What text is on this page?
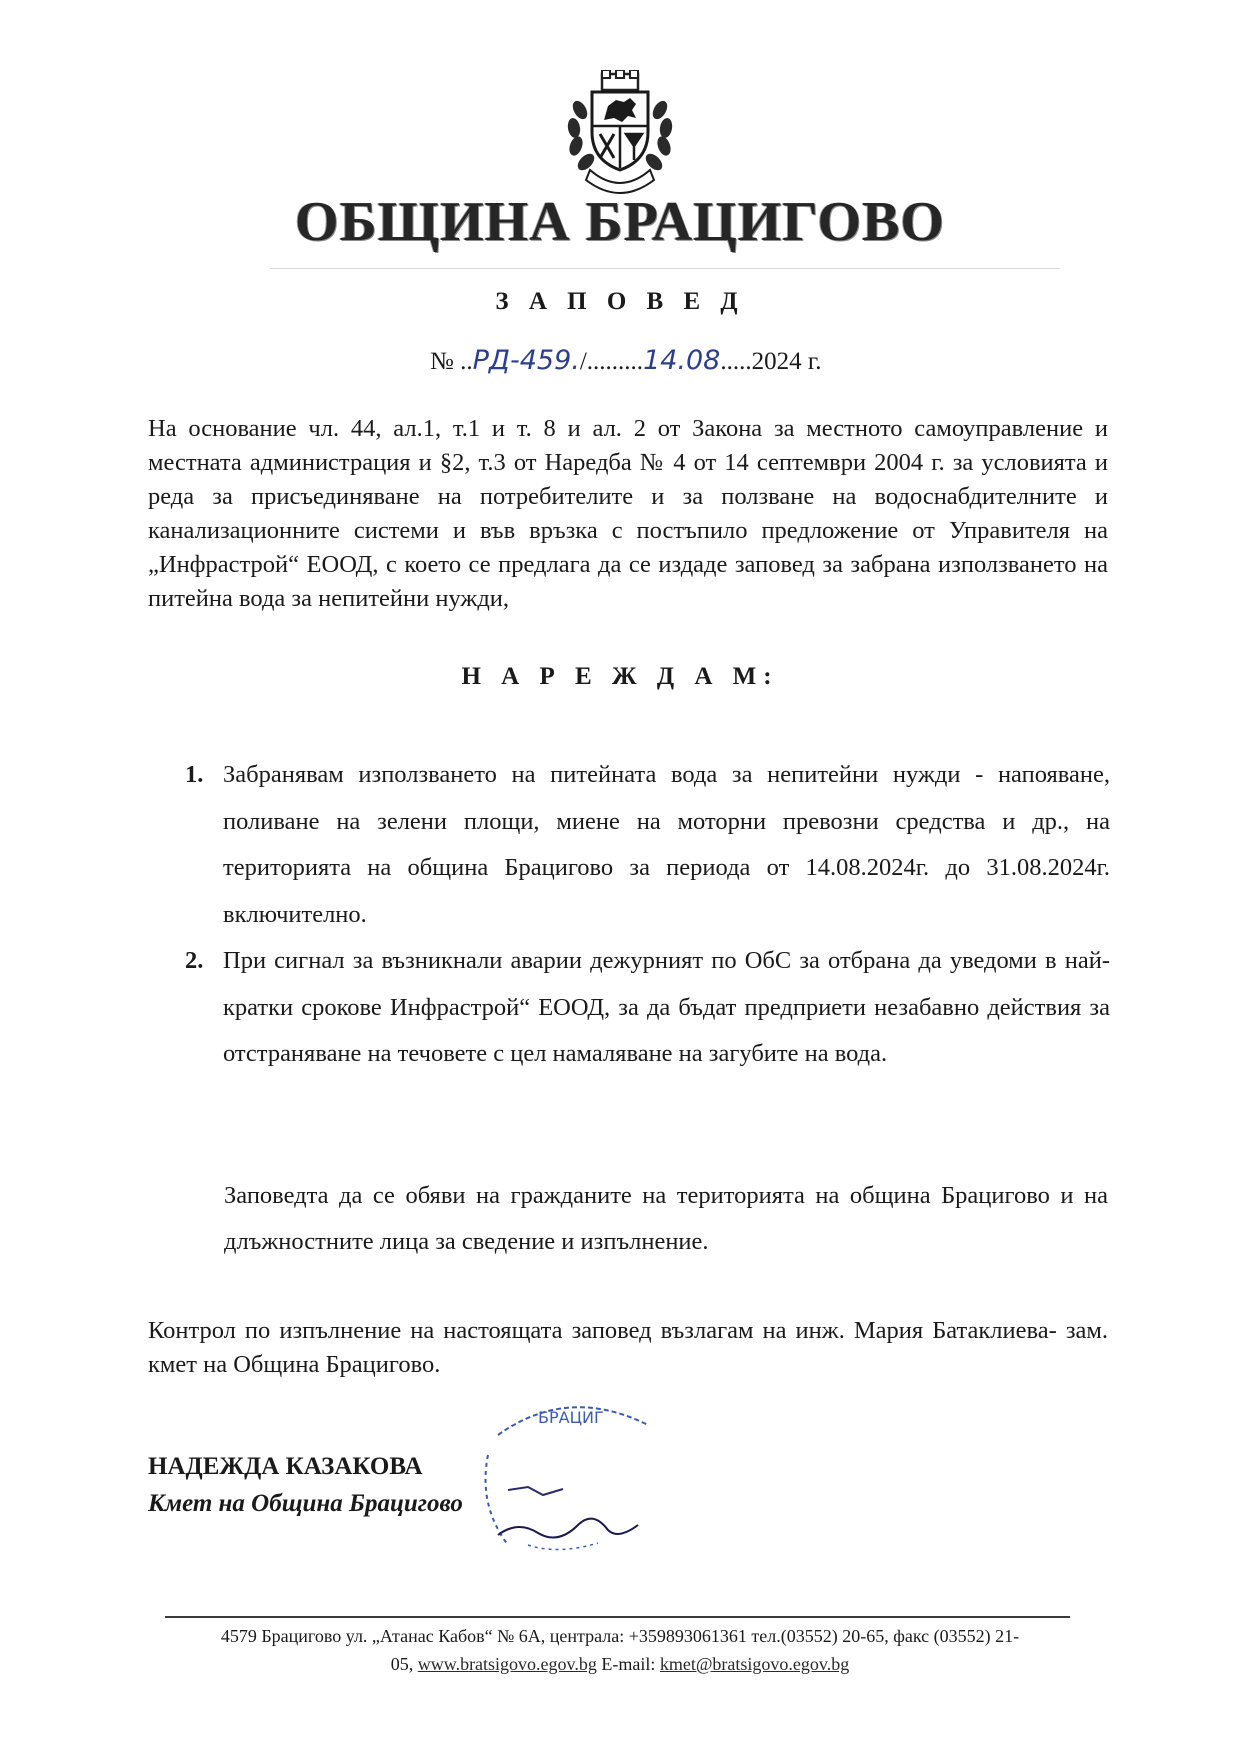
ОБЩИНА БРАЦИГОВО
З А П О В Е Д
№ ..РД-459./.........14.08.....2024 г.
На основание чл. 44, ал.1, т.1 и т. 8 и ал. 2 от Закона за местното самоуправление и местната администрация и §2, т.3 от Наредба № 4 от 14 септември 2004 г. за условията и реда за присъединяване на потребителите и за ползване на водоснабдителните и канализационните системи и във връзка с постъпило предложение от Управителя на „Инфрастрой“ ЕООД, с което се предлага да се издаде заповед за забрана използването на питейна вода за непитейни нужди,
Н А Р Е Ж Д А М:
1. Забранявам използването на питейната вода за непитейни нужди - напояване, поливане на зелени площи, миене на моторни превозни средства и др., на територията на община Брацигово за периода от 14.08.2024г. до 31.08.2024г. включително.
2. При сигнал за възникнали аварии дежурният по ОбС за отбрана да уведоми в най-кратки срокове Инфрастрой“ ЕООД, за да бъдат предприети незабавно действия за отстраняване на течовете с цел намаляване на загубите на вода.
Заповедта да се обяви на гражданите на територията на община Брацигово и на длъжностните лица за сведение и изпълнение.
Контрол по изпълнение на настоящата заповед възлагам на инж. Мария Батаклиева- зам. кмет на Община Брацигово.
БРАЦИГ
НАДЕЖДА КАЗАКОВА
Кмет на Община Брацигово
4579 Брацигово ул. „Атанас Кабов“ № 6А, централа: +359893061361 тел.(03552) 20-65, факс (03552) 21-
05, www.bratsigovo.egov.bg E-mail: kmet@bratsigovo.egov.bg
